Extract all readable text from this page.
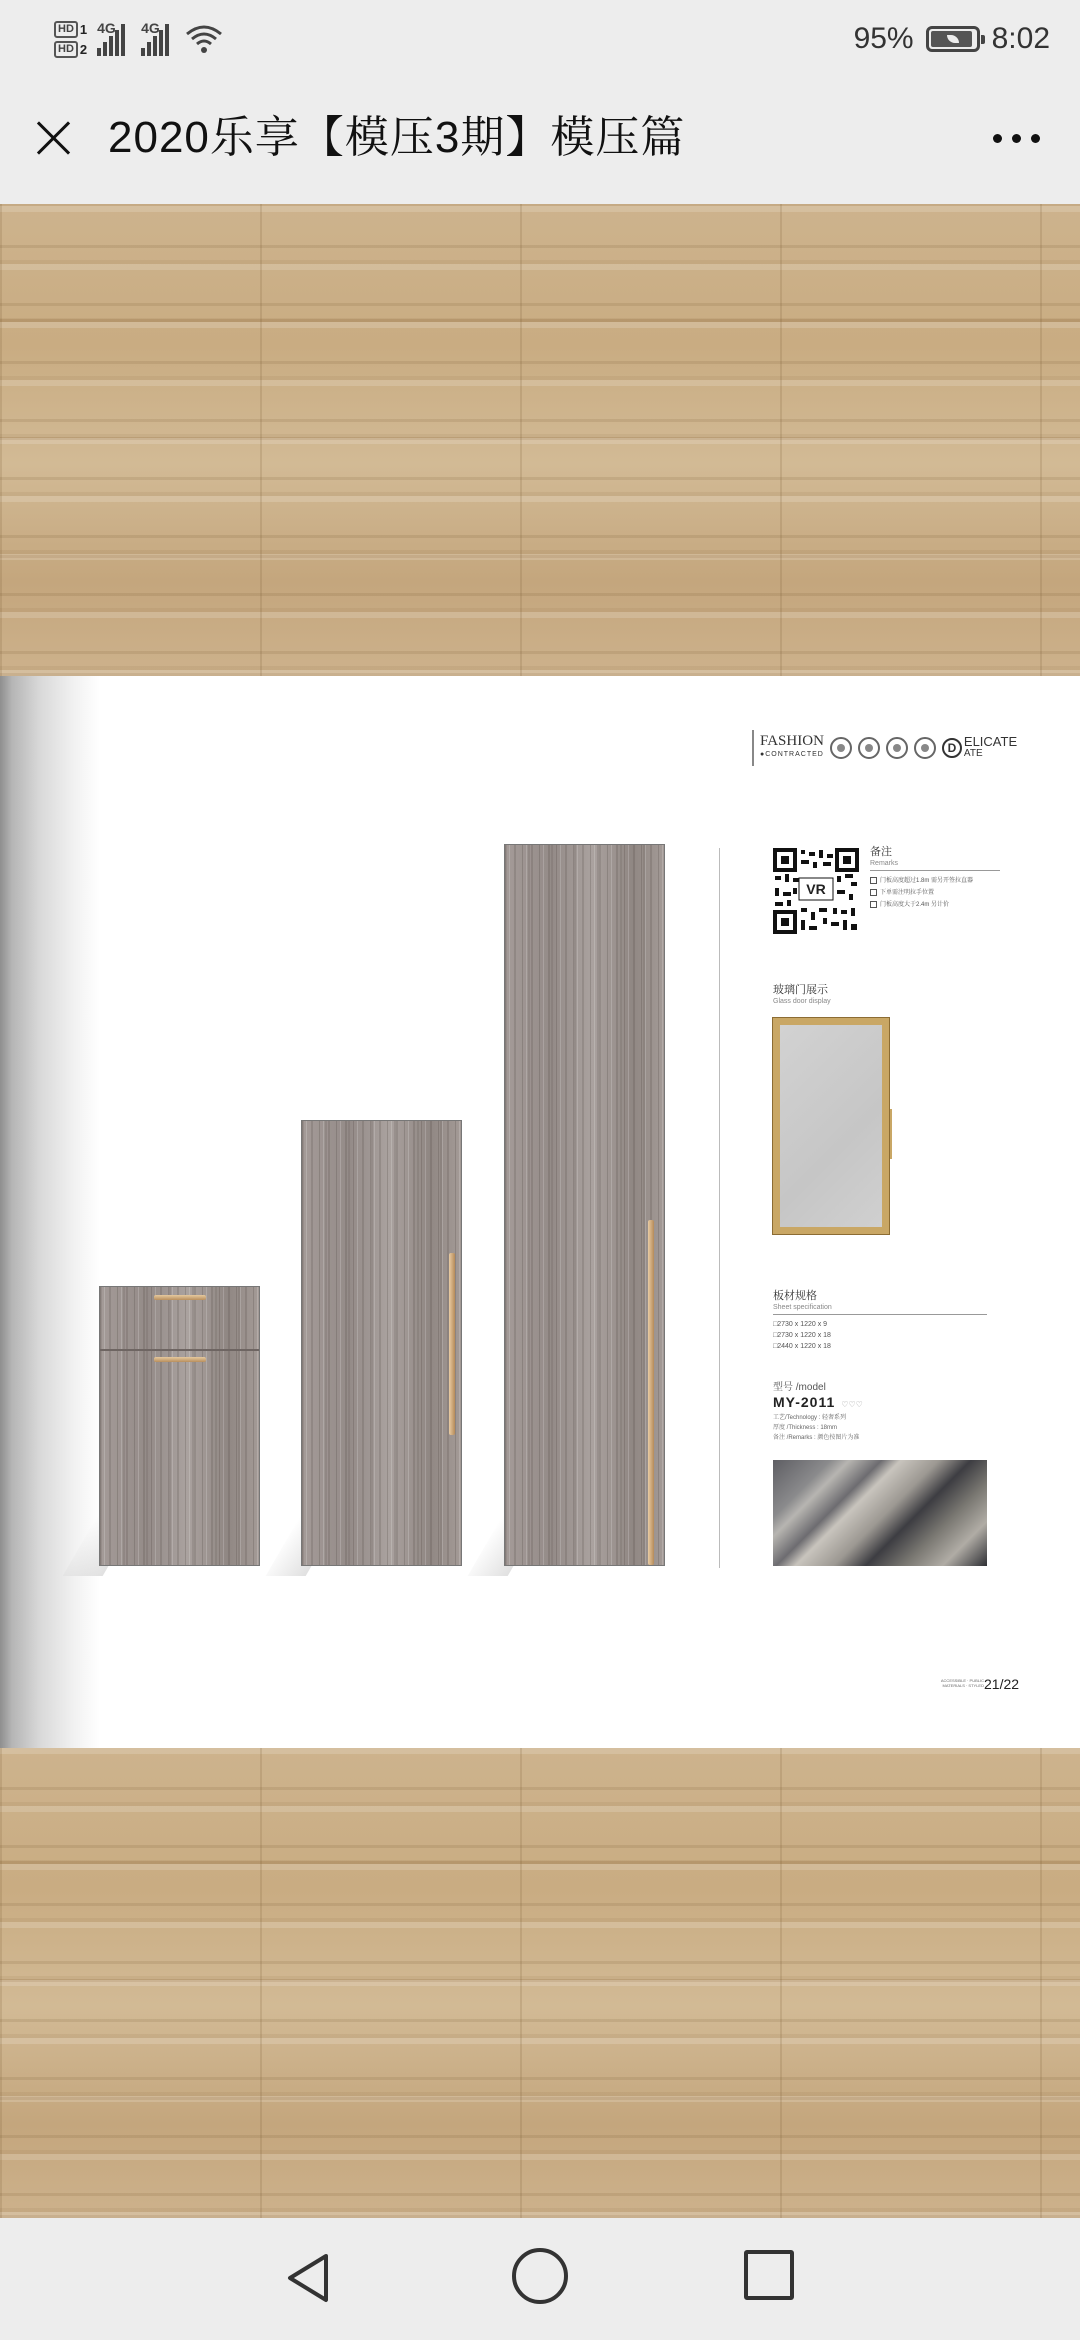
HD 1
HD 2
4G 4G	95%	8:02
2020乐享【模压3期】模压篇
FASHION
●CONTRACTED	D ELICATE
ATE
VR
备注
Remarks
门板高度超过1.8m 需另开签拉直器
下单需注明拉手位置
门板高度大于2.4m 另计价
玻璃门展示
Glass door display
板材规格
Sheet specification
□2730 x 1220 x 9
□2730 x 1220 x 18
□2440 x 1220 x 18
型号 /model
MY-2011 ♡♡♡
工艺/Technology : 轻奢系列
厚度 /Thickness : 18mm
备注 /Remarks : 颜色按图片为准
ACCESSIBLE · PUBLIC MATERIALS · STYLED 21/22
